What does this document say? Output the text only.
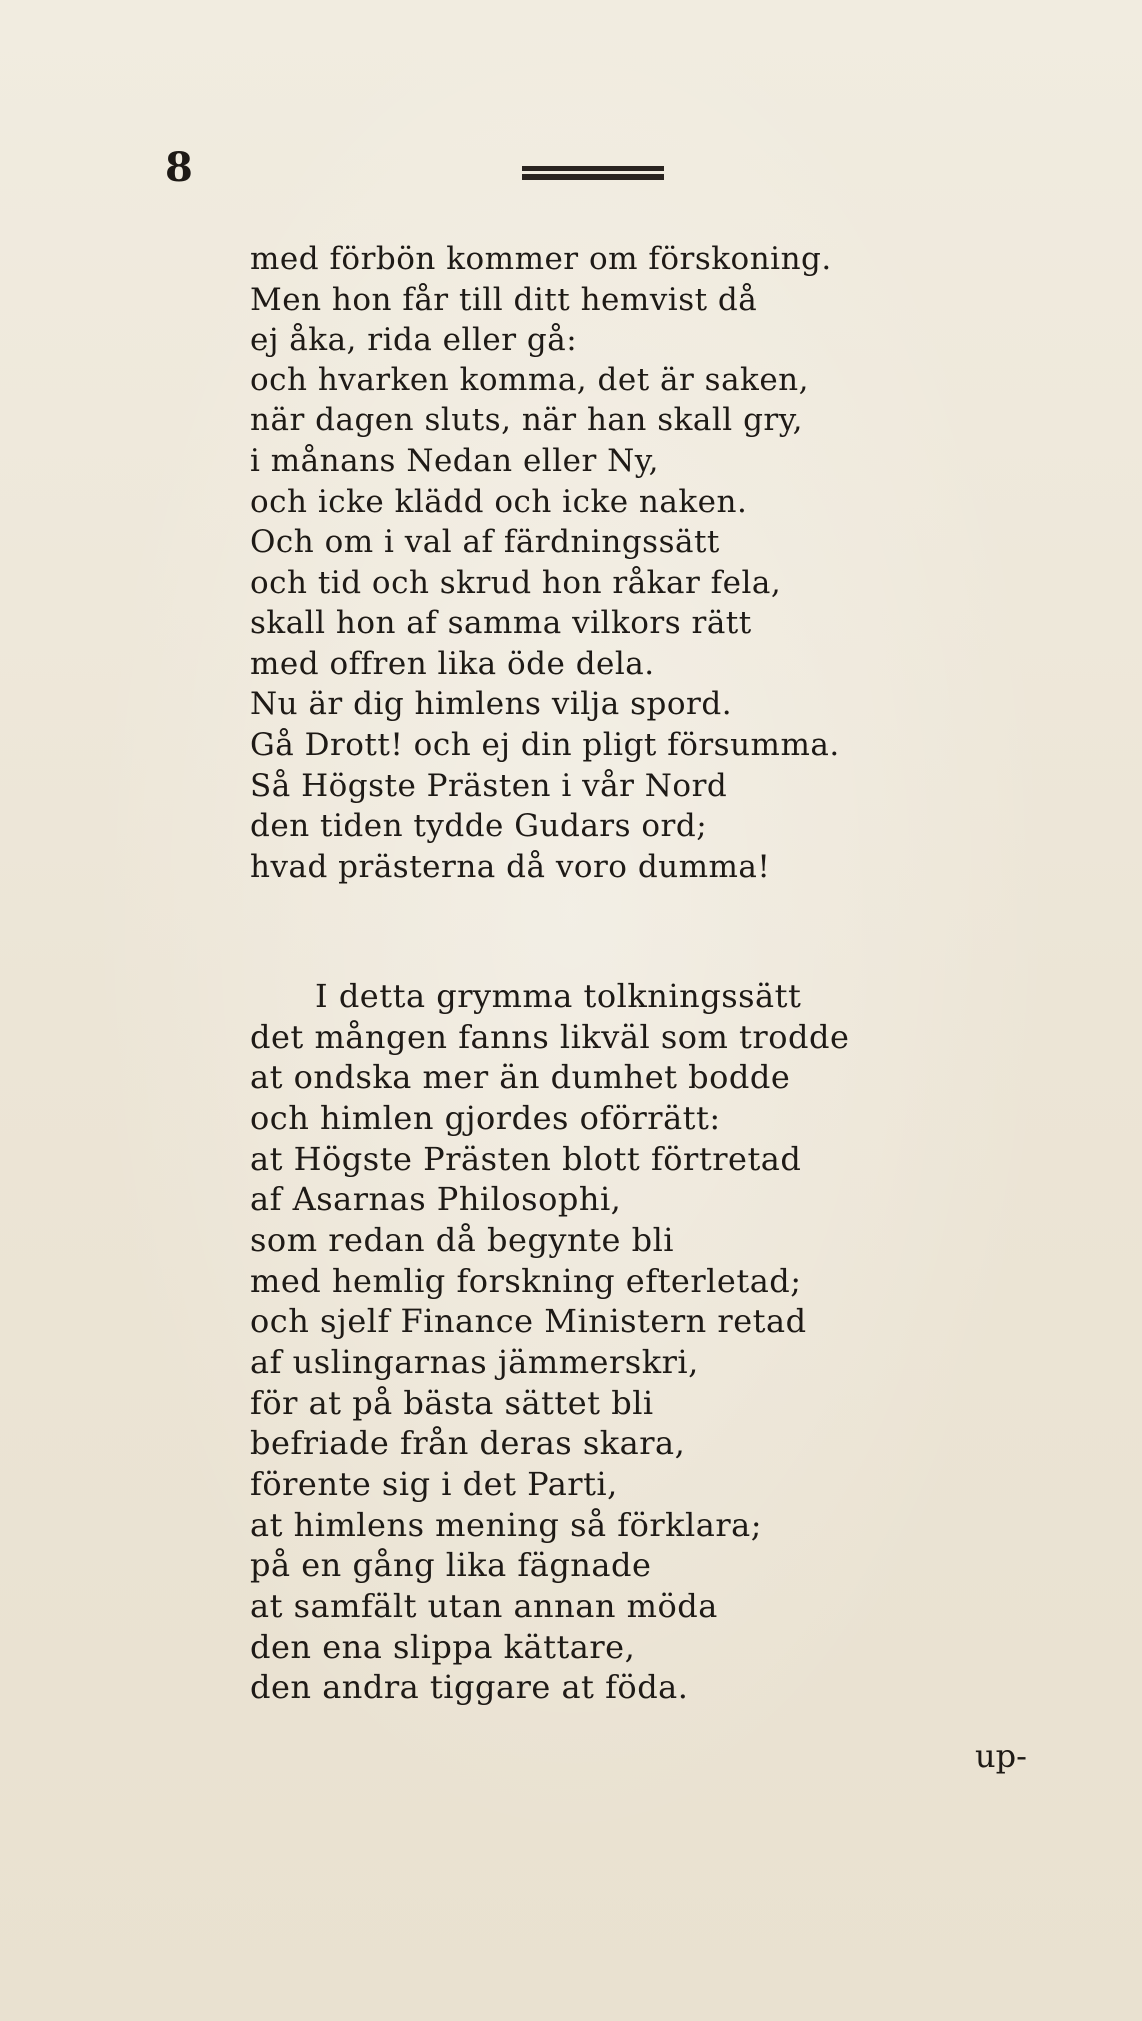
8
med förbön kommer om förskoning.
Men hon får till ditt hemvist då
ej åka, rida eller gå:
och hvarken komma, det är saken,
när dagen sluts, när han skall gry,
i månans Nedan eller Ny,
och icke klädd och icke naken.
Och om i val af färdningssätt
och tid och skrud hon råkar fela,
skall hon af samma vilkors rätt
med offren lika öde dela.
Nu är dig himlens vilja spord.
Gå Drott! och ej din pligt försumma.
Så Högste Prästen i vår Nord
den tiden tydde Gudars ord;
hvad prästerna då voro dumma!
I detta grymma tolkningssätt
det mången fanns likväl som trodde
at ondska mer än dumhet bodde
och himlen gjordes oförrätt:
at Högste Prästen blott förtretad
af Asarnas Philosophi,
som redan då begynte bli
med hemlig forskning efterletad;
och sjelf Finance Ministern retad
af uslingarnas jämmerskri,
för at på bästa sättet bli
befriade från deras skara,
förente sig i det Parti,
at himlens mening så förklara;
på en gång lika fägnade
at samfält utan annan möda
den ena slippa kättare,
den andra tiggare at föda.
up-
